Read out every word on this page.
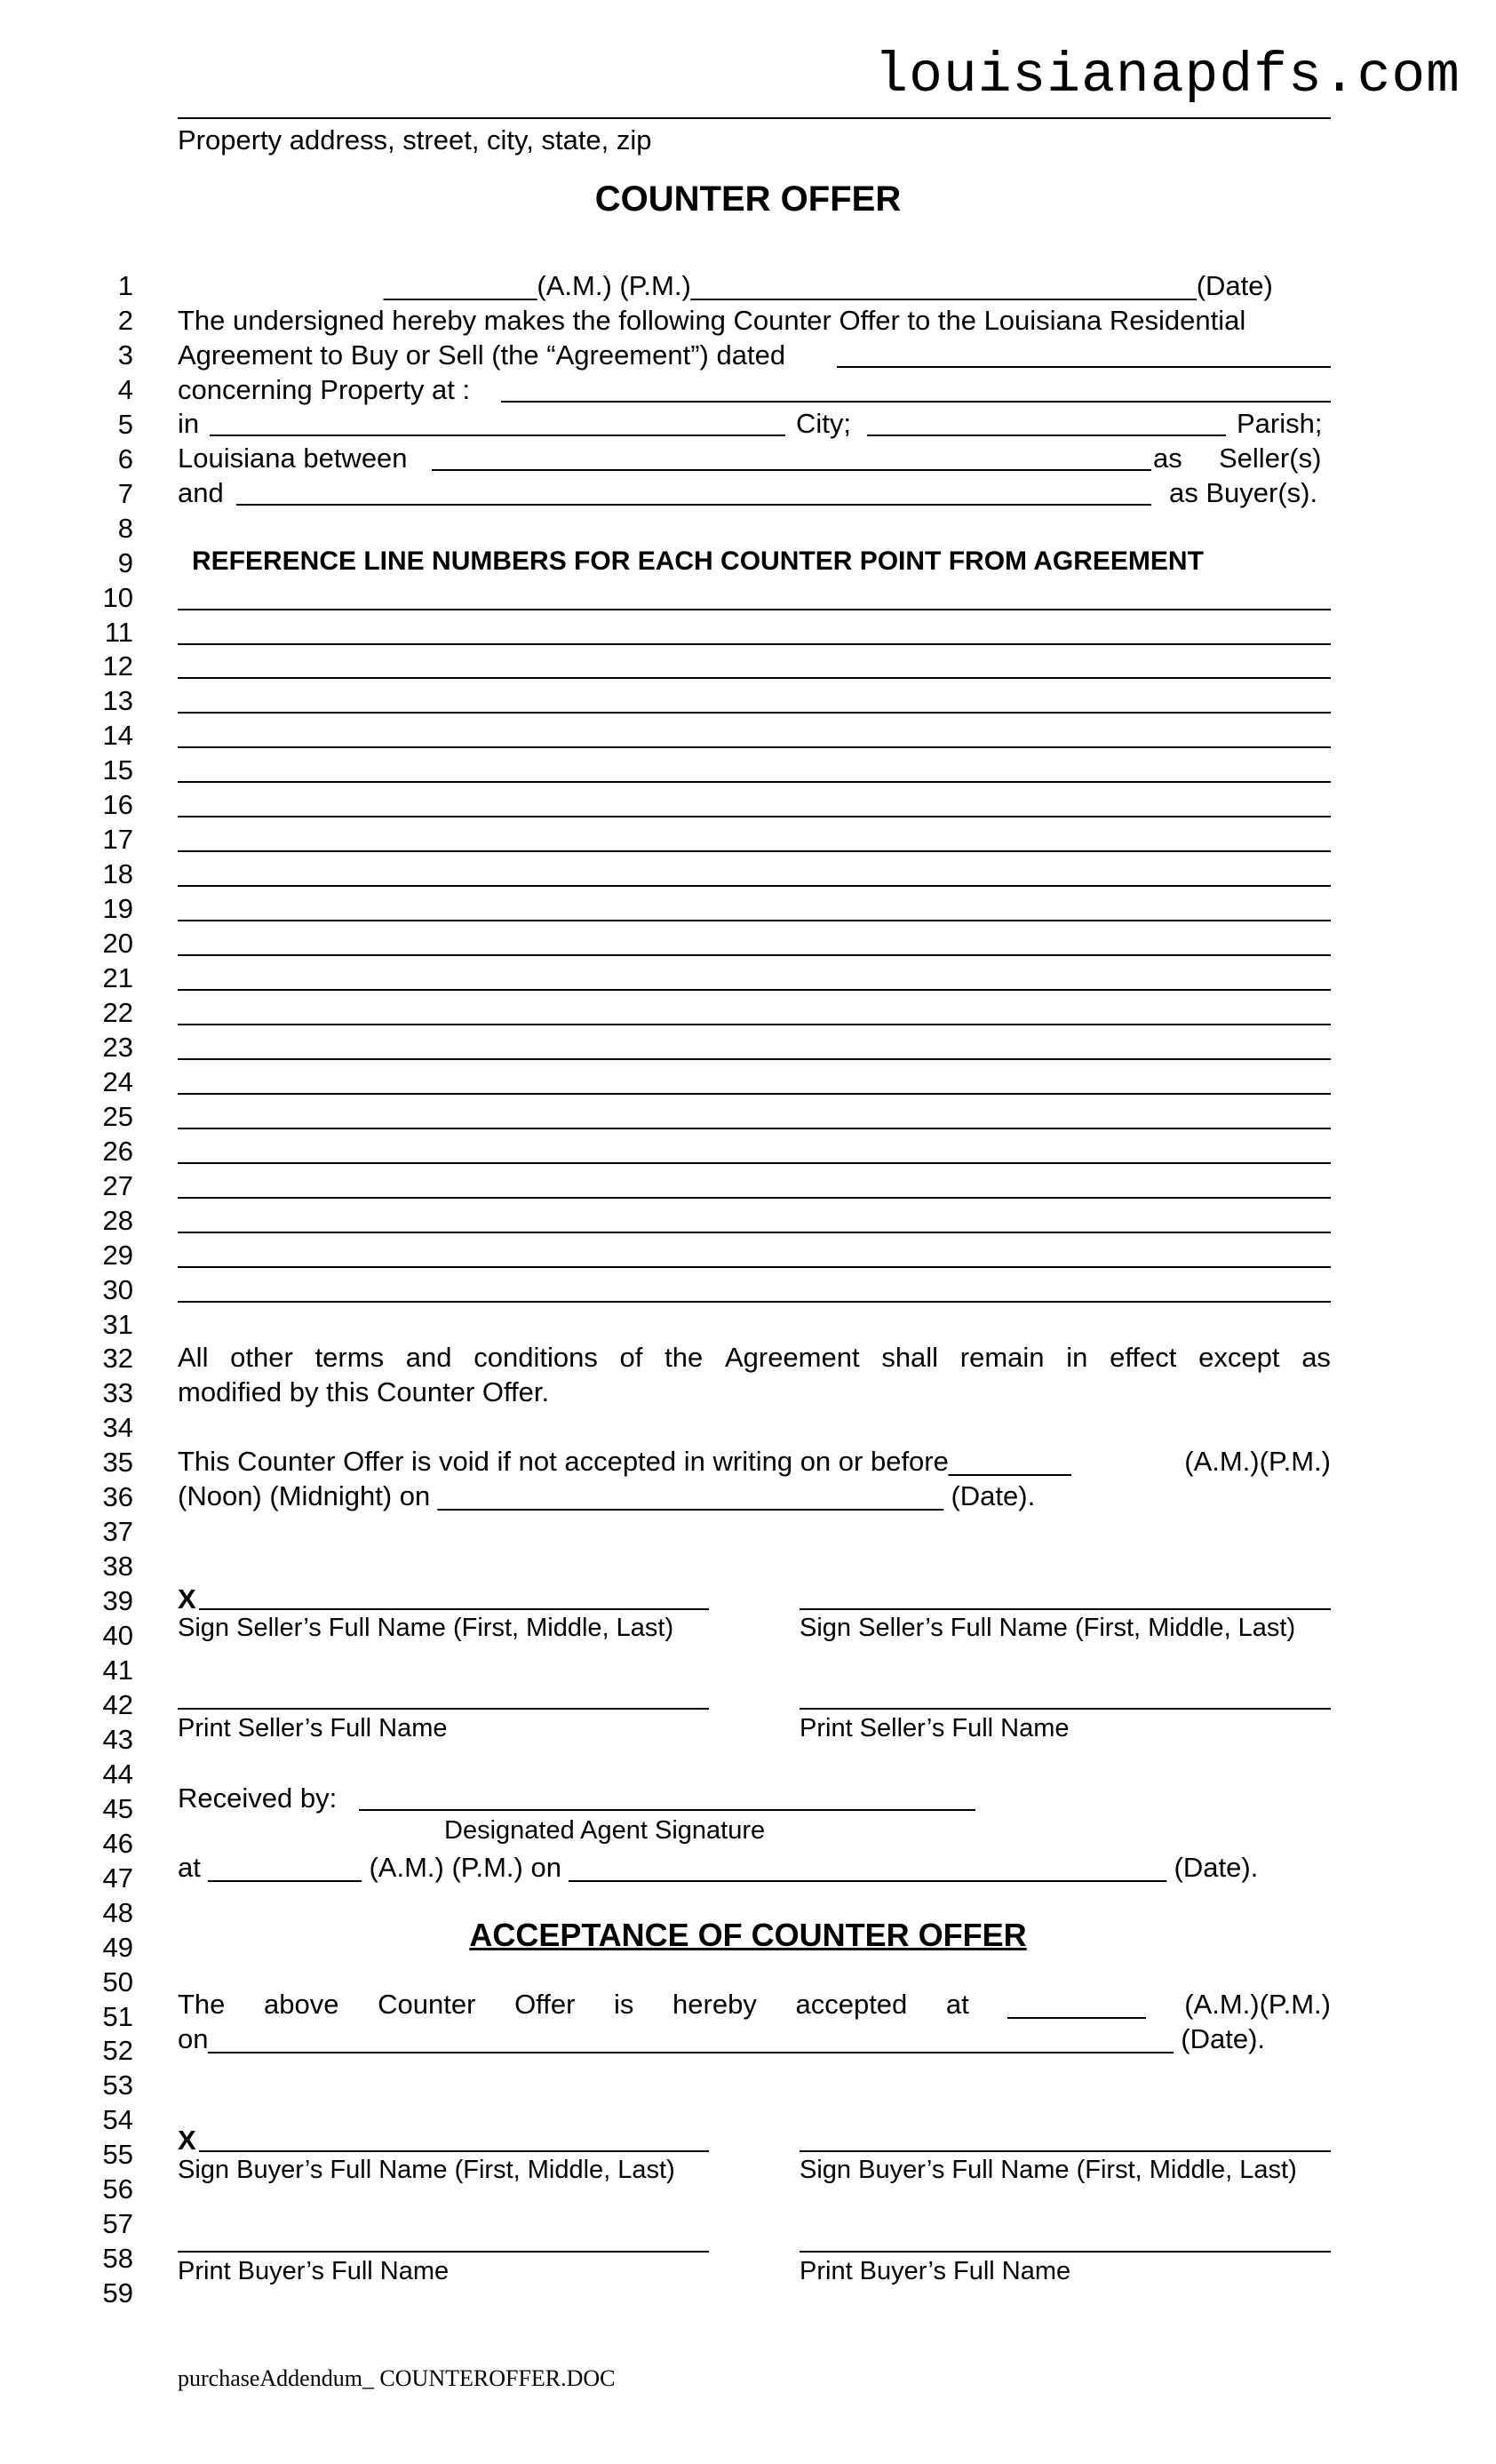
louisianapdfs.com
Property address, street, city, state, zip
COUNTER OFFER
1
2
3
4
5
6
7
8
9
10
11
12
13
14
15
16
17
18
19
20
21
22
23
24
25
26
27
28
29
30
31
32
33
34
35
36
37
38
39
40
41
42
43
44
45
46
47
48
49
50
51
52
53
54
55
56
57
58
59
__________(A.M.) (P.M.)_________________________________(Date)
The undersigned hereby makes the following Counter Offer to the Louisiana Residential
Agreement to Buy or Sell (the “Agreement”) dated
concerning Property at :
in	City;	Parish;
Louisiana between	as Seller(s)
and	as Buyer(s).
REFERENCE LINE NUMBERS FOR EACH COUNTER POINT FROM AGREEMENT
All other terms and conditions of the Agreement shall remain in effect except as
modified by this Counter Offer.
This Counter Offer is void if not accepted in writing on or before________	(A.M.)(P.M.)
(Noon) (Midnight) on _________________________________ (Date).
X
Sign Seller’s Full Name (First, Middle, Last)	Sign Seller’s Full Name (First, Middle, Last)
Print Seller’s Full Name	Print Seller’s Full Name
Received by:
Designated Agent Signature
at __________ (A.M.) (P.M.) on _______________________________________ (Date).
ACCEPTANCE OF COUNTER OFFER
The above Counter Offer is hereby accepted at _________ (A.M.)(P.M.)
on_______________________________________________________________ (Date).
X
Sign Buyer’s Full Name (First, Middle, Last)	Sign Buyer’s Full Name (First, Middle, Last)
Print Buyer’s Full Name	Print Buyer’s Full Name
purchaseAddendum_ COUNTEROFFER.DOC
